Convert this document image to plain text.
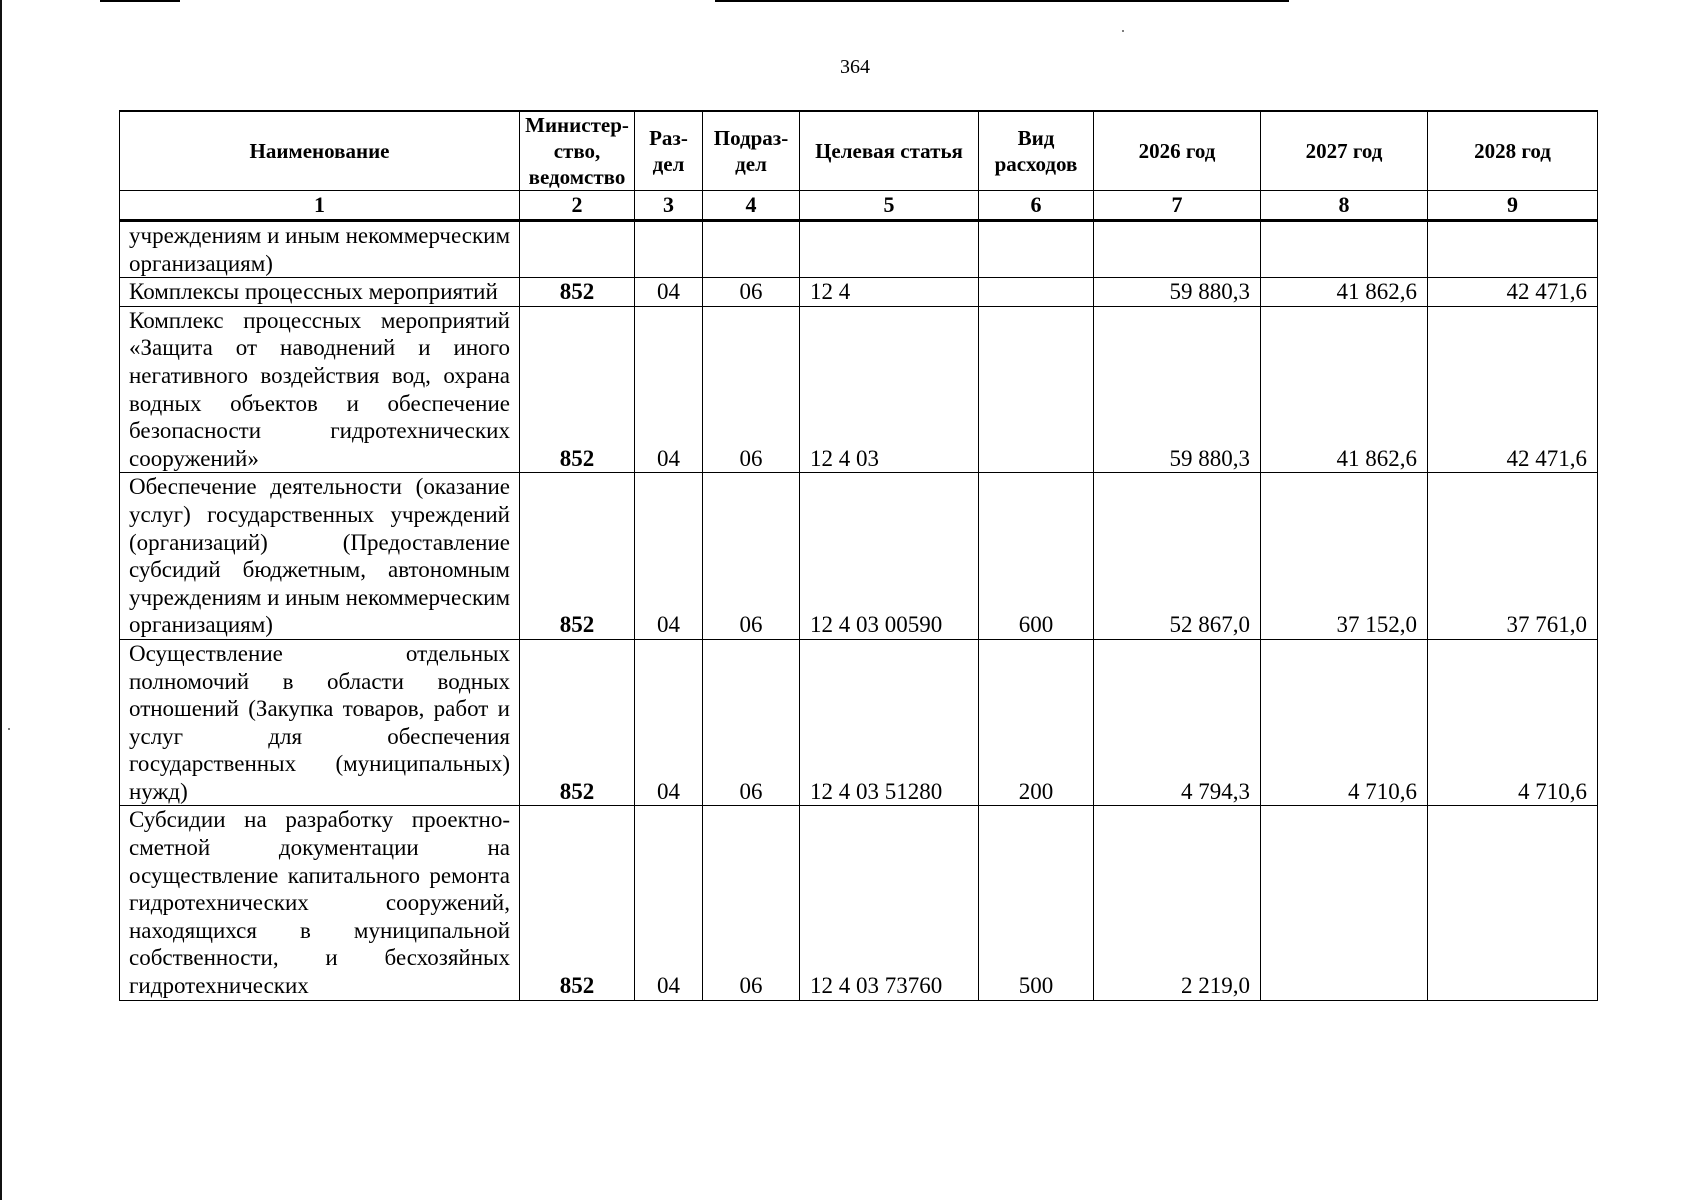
364
Наименование	Министер-ство, ведомство	Раз-дел	Подраз-дел	Целевая статья	Вид расходов	2026 год	2027 год	2028 год
1	2	3	4	5	6	7	8	9
учреждениям и иным некоммерческим организациям)								
Комплексы процессных мероприятий	852	04	06	12 4		59 880,3	41 862,6	42 471,6
Комплекс процессных мероприятий «Защита от наводнений и иного негативного воздействия вод, охрана водных объектов и обеспечение безопасности гидротехнических сооружений»	852	04	06	12 4 03		59 880,3	41 862,6	42 471,6
Обеспечение деятельности (оказание услуг) государственных учреждений (организаций) (Предоставление субсидий бюджетным, автономным учреждениям и иным некоммерческим организациям)	852	04	06	12 4 03 00590	600	52 867,0	37 152,0	37 761,0
Осуществление отдельных полномочий в области водных отношений (Закупка товаров, работ и услуг для обеспечения государственных (муниципальных) нужд)	852	04	06	12 4 03 51280	200	4 794,3	4 710,6	4 710,6
Субсидии на разработку проектно-сметной документации на осуществление капитального ремонта гидротехнических сооружений, находящихся в муниципальной собственности, и бесхозяйных гидротехнических	852	04	06	12 4 03 73760	500	2 219,0		
